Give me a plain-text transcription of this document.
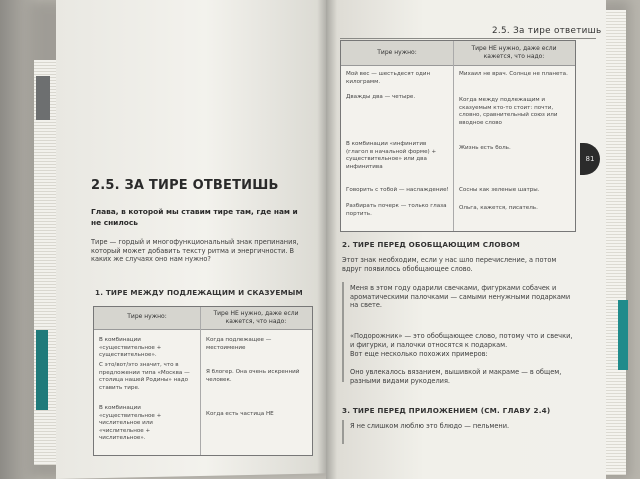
2.5. ЗА ТИРЕ ОТВЕТИШЬ
Глава, в которой мы ставим тире там, где нам и не снилось
Тире — гордый и многофункциональный знак препинания, который может добавить тексту ритма и энергичности. В каких же случаях оно нам нужно?
1. ТИРЕ МЕЖДУ ПОДЛЕЖАЩИМ И СКАЗУЕМЫМ
Тире нужно:	Тире НЕ нужно, даже если кажется, что надо:
В комбинации «существительное + существительное».
Когда подлежащее — местоимение
С это/вот/это значит, что в предложении типа «Москва — столица нашей Родины» надо ставить тире.
Я блогер. Она очень искренний человек.
В комбинации «существительное + числительное или «числительное + числительное».
Когда есть частица НЕ
2.5. За тире ответишь
81
Тире нужно:
Тире НЕ нужно, даже если кажется, что надо:
Мой вес — шестьдесят один килограмм.
Михаил не врач. Солнце не планета.
Дважды два — четыре.	Когда между подлежащим и сказуемым кто-то стоит: почти, словно, сравнительный союз или вводное слово
В комбинации «инфинитив (глагол в начальной форме) + существительное» или два инфинитива
Жизнь есть боль.
Говорить с тобой — наслаждение! Сосны как зеленые шатры.
Разбирать почерк — только глаза портить.
Ольга, кажется, писатель.
2. ТИРЕ ПЕРЕД ОБОБЩАЮЩИМ СЛОВОМ
Этот знак необходим, если у нас шло перечисление, а потом вдруг появилось обобщающее слово.
Меня в этом году одарили свечками, фигурками собачек и ароматическими палочками — самыми ненужными подарками на свете.
«Подорожник» — это обобщающее слово, потому что и свечки, и фигурки, и палочки относятся к подаркам.
Вот еще несколько похожих примеров:
Оно увлекалось вязанием, вышивкой и макраме — в общем, разными видами рукоделия.
3. ТИРЕ ПЕРЕД ПРИЛОЖЕНИЕМ (СМ. ГЛАВУ 2.4)
Я не слишком люблю это блюдо — пельмени.
